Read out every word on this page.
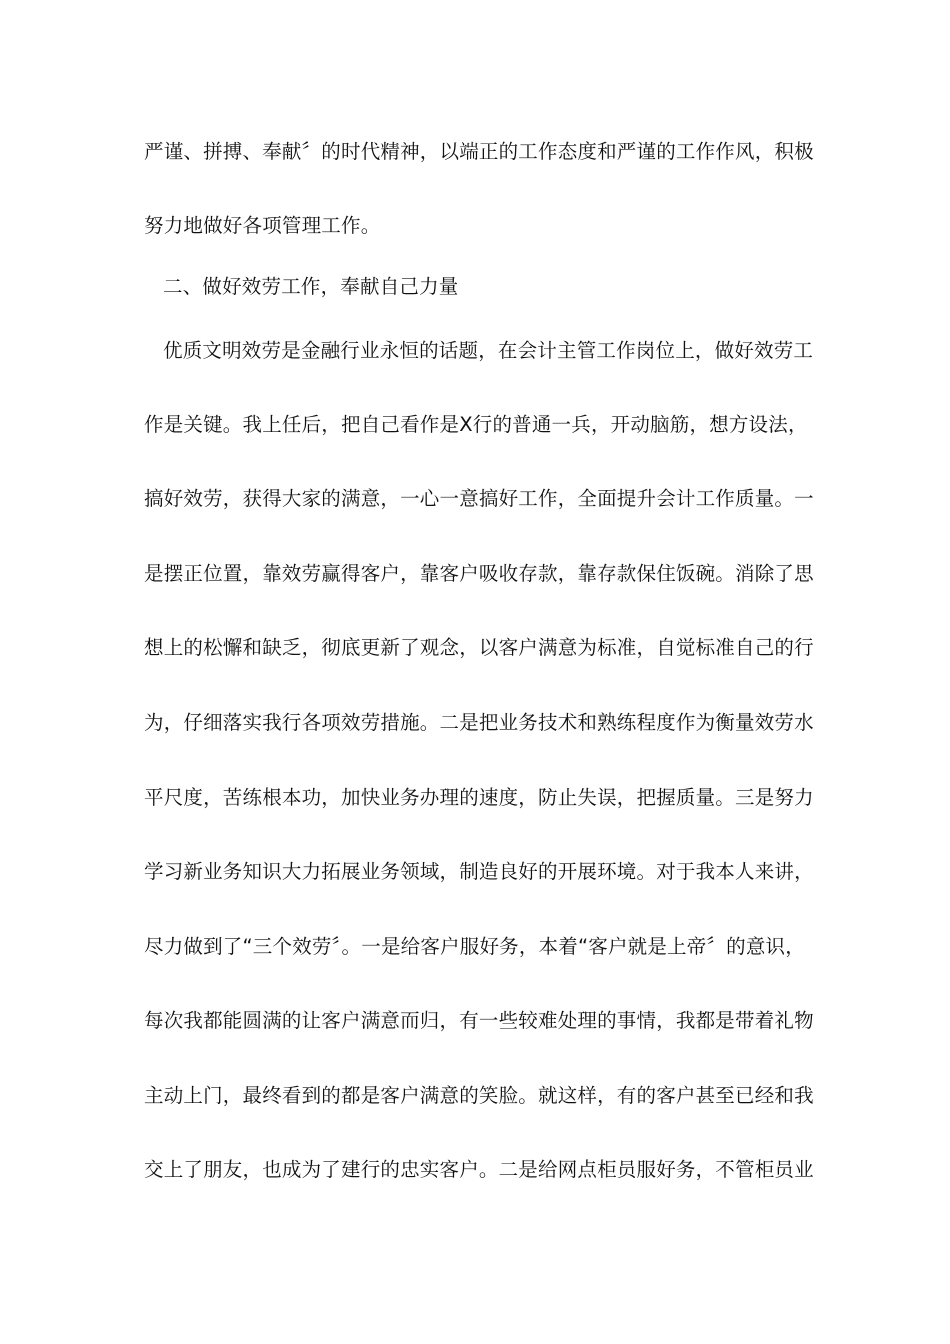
严谨、拼搏、奉献〞的时代精神，以端正的工作态度和严谨的工作作风，积极
努力地做好各项管理工作。
二、做好效劳工作，奉献自己力量
优质文明效劳是金融行业永恒的话题，在会计主管工作岗位上，做好效劳工
作是关键。我上任后，把自己看作是X行的普通一兵，开动脑筋，想方设法，
搞好效劳，获得大家的满意，一心一意搞好工作，全面提升会计工作质量。一
是摆正位置，靠效劳赢得客户，靠客户吸收存款，靠存款保住饭碗。消除了思
想上的松懈和缺乏，彻底更新了观念，以客户满意为标准，自觉标准自己的行
为，仔细落实我行各项效劳措施。二是把业务技术和熟练程度作为衡量效劳水
平尺度，苦练根本功，加快业务办理的速度，防止失误，把握质量。三是努力
学习新业务知识大力拓展业务领域，制造良好的开展环境。对于我本人来讲，
尽力做到了“三个效劳〞。一是给客户服好务，本着“客户就是上帝〞的意识，
每次我都能圆满的让客户满意而归，有一些较难处理的事情，我都是带着礼物
主动上门，最终看到的都是客户满意的笑脸。就这样，有的客户甚至已经和我
交上了朋友，也成为了建行的忠实客户。二是给网点柜员服好务，不管柜员业
